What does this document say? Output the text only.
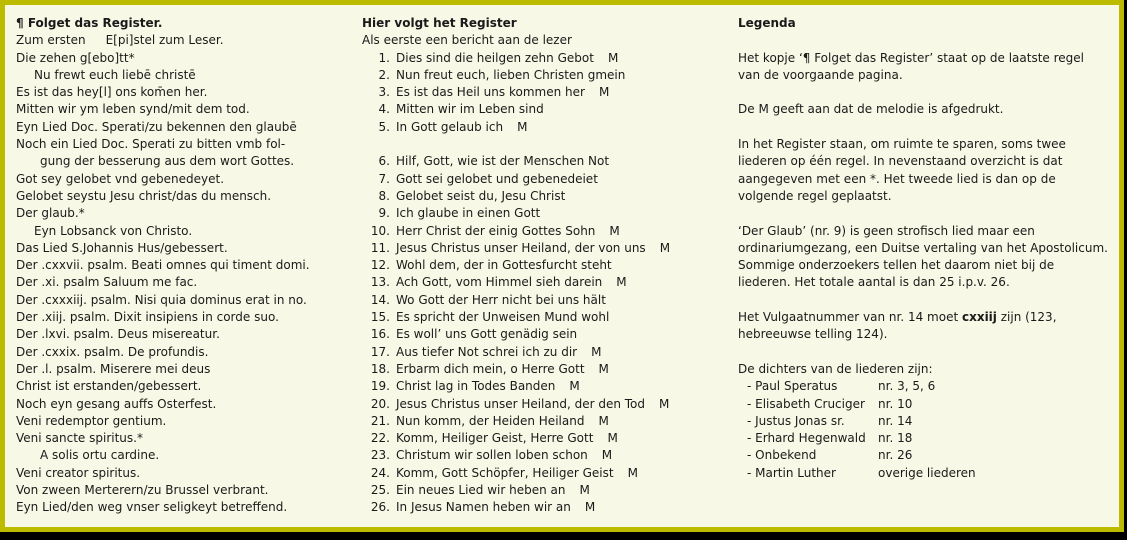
¶ Folget das Register.
Zum ersten E[pi]stel zum Leser.
Die zehen g[ebo]tt*
Nu frewt euch liebē christē
Es ist das hey[l] ons kom̄en her.
Mitten wir ym leben synd/mit dem tod.
Eyn Lied Doc. Sperati/zu bekennen den glaubē
Noch ein Lied Doc. Sperati zu bitten vmb fol-
gung der besserung aus dem wort Gottes.
Got sey gelobet vnd gebenedeyet.
Gelobet seystu Jesu christ/das du mensch.
Der glaub.*
Eyn Lobsanck von Christo.
Das Lied S.Johannis Hus/gebessert.
Der .cxxvii. psalm. Beati omnes qui timent domi.
Der .xi. psalm Saluum me fac.
Der .cxxxiij. psalm. Nisi quia dominus erat in no.
Der .xiij. psalm. Dixit insipiens in corde suo.
Der .lxvi. psalm. Deus misereatur.
Der .cxxix. psalm. De profundis.
Der .l. psalm. Miserere mei deus
Christ ist erstanden/gebessert.
Noch eyn gesang auffs Osterfest.
Veni redemptor gentium.
Veni sancte spiritus.*
A solis ortu cardine.
Veni creator spiritus.
Von zween Merterern/zu Brussel verbrant.
Eyn Lied/den weg vnser seligkeyt betreffend.
Hier volgt het Register
Als eerste een bericht aan de lezer
1. Dies sind die heilgen zehn Gebot M
2. Nun freut euch, lieben Christen gmein
3. Es ist das Heil uns kommen her M
4. Mitten wir im Leben sind
5. In Gott gelaub ich M
6. Hilf, Gott, wie ist der Menschen Not
7. Gott sei gelobet und gebenedeiet
8. Gelobet seist du, Jesu Christ
9. Ich glaube in einen Gott
10. Herr Christ der einig Gottes Sohn M
11. Jesus Christus unser Heiland, der von uns M
12. Wohl dem, der in Gottesfurcht steht
13. Ach Gott, vom Himmel sieh darein M
14. Wo Gott der Herr nicht bei uns hält
15. Es spricht der Unweisen Mund wohl
16. Es woll’ uns Gott genädig sein
17. Aus tiefer Not schrei ich zu dir M
18. Erbarm dich mein, o Herre Gott M
19. Christ lag in Todes Banden M
20. Jesus Christus unser Heiland, der den Tod M
21. Nun komm, der Heiden Heiland M
22. Komm, Heiliger Geist, Herre Gott M
23. Christum wir sollen loben schon M
24. Komm, Gott Schöpfer, Heiliger Geist M
25. Ein neues Lied wir heben an M
26. In Jesus Namen heben wir an M
Legenda

Het kopje ‘¶ Folget das Register’ staat op de laatste regel van de voorgaande pagina.

De M geeft aan dat de melodie is afgedrukt.

In het Register staan, om ruimte te sparen, soms twee liederen op één regel. In nevenstaand overzicht is dat aangegeven met een *. Het tweede lied is dan op de volgende regel geplaatst.

‘Der Glaub’ (nr. 9) is geen strofisch lied maar een ordinariumgezang, een Duitse vertaling van het Apostolicum. Sommige onderzoekers tellen het daarom niet bij de liederen. Het totale aantal is dan 25 i.p.v. 26.

Het Vulgaatnummer van nr. 14 moet cxxiij zijn (123, hebreeuwse telling 124).

De dichters van de liederen zijn:
- Paul Speratus	nr. 3, 5, 6
- Elisabeth Cruciger	nr. 10
- Justus Jonas sr.	nr. 14
- Erhard Hegenwald	nr. 18
- Onbekend	nr. 26
- Martin Luther	overige liederen
